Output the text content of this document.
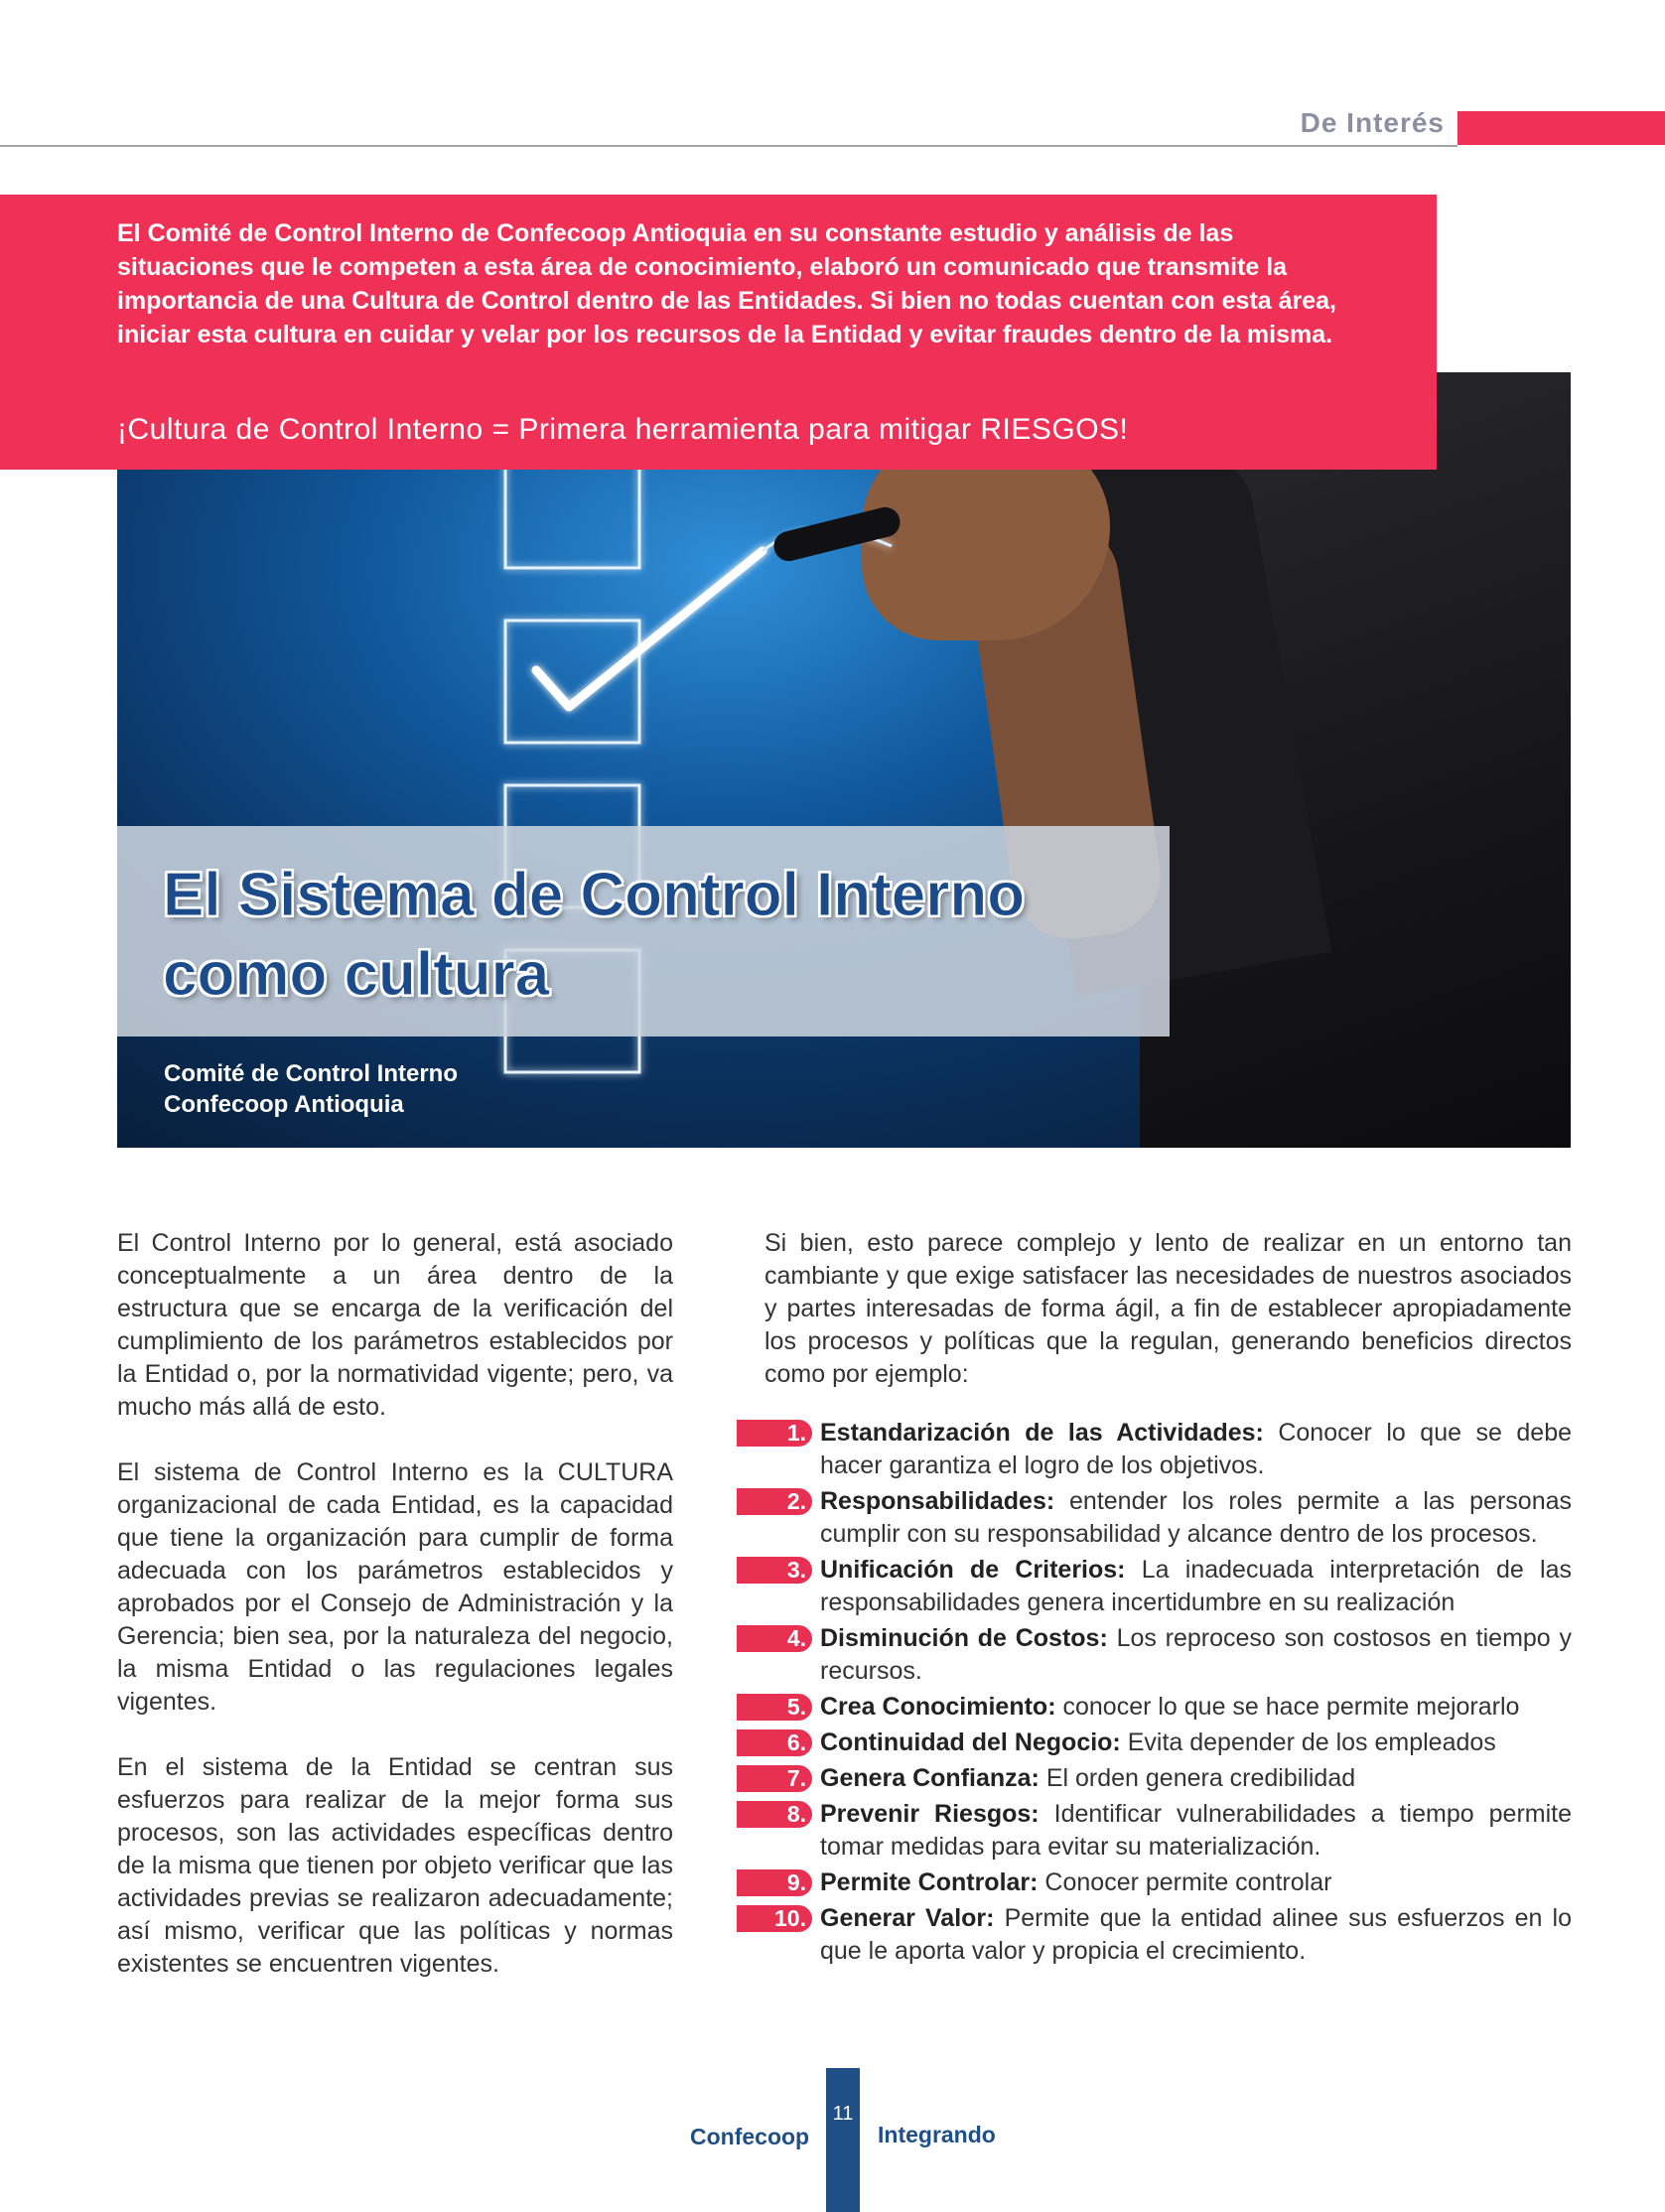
De Interés

El Comité de Control Interno de Confecoop Antioquia en su constante estudio y análisis de las situaciones que le competen a esta área de conocimiento, elaboró un comunicado que transmite la importancia de una Cultura de Control dentro de las Entidades. Si bien no todas cuentan con esta área, iniciar esta cultura en cuidar y velar por los recursos de la Entidad y evitar fraudes dentro de la misma.

¡Cultura de Control Interno = Primera herramienta para mitigar RIESGOS!

El Sistema de Control Interno como cultura
Comité de Control Interno
Confecoop Antioquia

El Control Interno por lo general, está asociado conceptualmente a un área dentro de la estructura que se encarga de la verificación del cumplimiento de los parámetros establecidos por la Entidad o, por la normatividad vigente; pero, va mucho más allá de esto.

El sistema de Control Interno es la CULTURA organizacional de cada Entidad, es la capacidad que tiene la organización para cumplir de forma adecuada con los parámetros establecidos y aprobados por el Consejo de Administración y la Gerencia; bien sea, por la naturaleza del negocio, la misma Entidad o las regulaciones legales vigentes.

En el sistema de la Entidad se centran sus esfuerzos para realizar de la mejor forma sus procesos, son las actividades específicas dentro de la misma que tienen por objeto verificar que las actividades previas se realizaron adecuadamente; así mismo, verificar que las políticas y normas existentes se encuentren vigentes.

Si bien, esto parece complejo y lento de realizar en un entorno tan cambiante y que exige satisfacer las necesidades de nuestros asociados y partes interesadas de forma ágil, a fin de establecer apropiadamente los procesos y políticas que la regulan, generando beneficios directos como por ejemplo:

1. Estandarización de las Actividades: Conocer lo que se debe hacer garantiza el logro de los objetivos.
2. Responsabilidades: entender los roles permite a las personas cumplir con su responsabilidad y alcance dentro de los procesos.
3. Unificación de Criterios: La inadecuada interpretación de las responsabilidades genera incertidumbre en su realización
4. Disminución de Costos: Los reproceso son costosos en tiempo y recursos.
5. Crea Conocimiento: conocer lo que se hace permite mejorarlo
6. Continuidad del Negocio: Evita depender de los empleados
7. Genera Confianza: El orden genera credibilidad
8. Prevenir Riesgos: Identificar vulnerabilidades a tiempo permite tomar medidas para evitar su materialización.
9. Permite Controlar: Conocer permite controlar
10. Generar Valor: Permite que la entidad alinee sus esfuerzos en lo que le aporta valor y propicia el crecimiento.
Confecoop
11
Integrando
